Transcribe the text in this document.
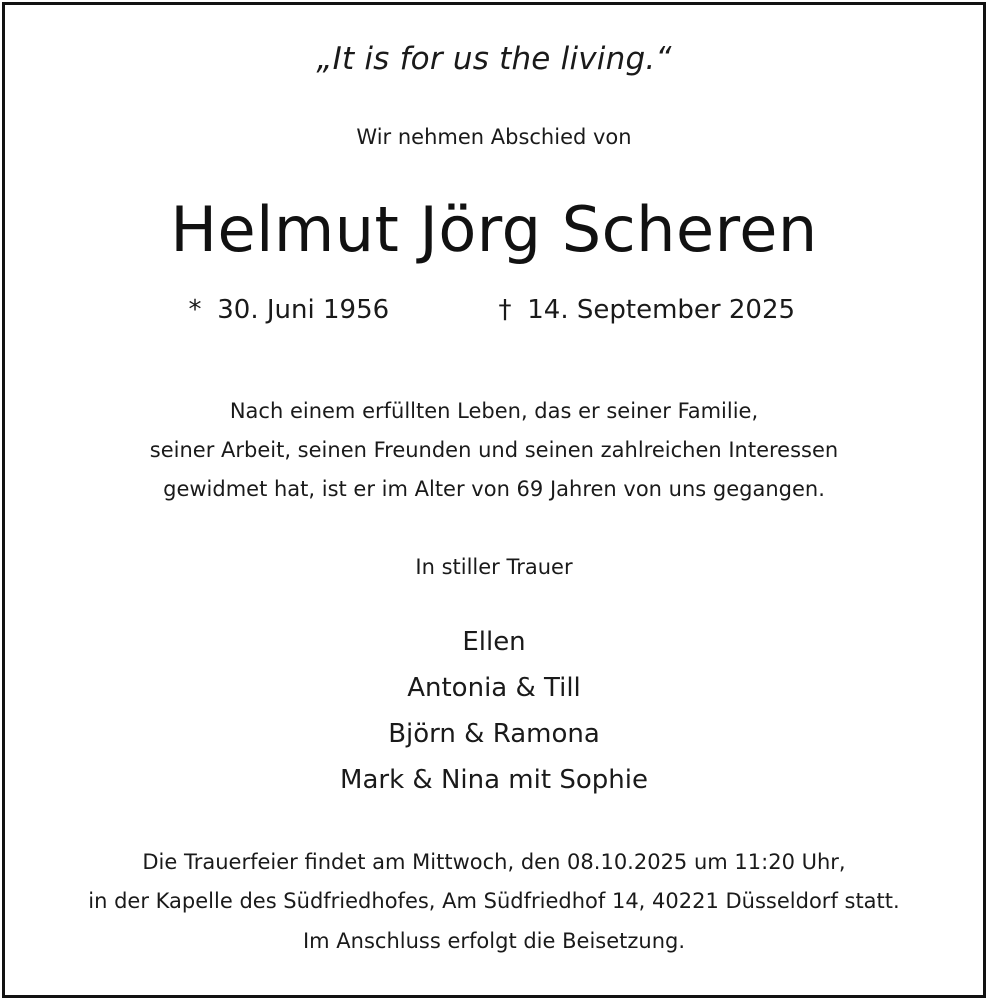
„It is for us the living.“
Wir nehmen Abschied von
Helmut Jörg Scheren
* 30. Juni 1956	† 14. September 2025
Nach einem erfüllten Leben, das er seiner Familie,
seiner Arbeit, seinen Freunden und seinen zahlreichen Interessen
gewidmet hat, ist er im Alter von 69 Jahren von uns gegangen.
In stiller Trauer
Ellen
Antonia & Till
Björn & Ramona
Mark & Nina mit Sophie
Die Trauerfeier findet am Mittwoch, den 08.10.2025 um 11:20 Uhr,
in der Kapelle des Südfriedhofes, Am Südfriedhof 14, 40221 Düsseldorf statt.
Im Anschluss erfolgt die Beisetzung.
